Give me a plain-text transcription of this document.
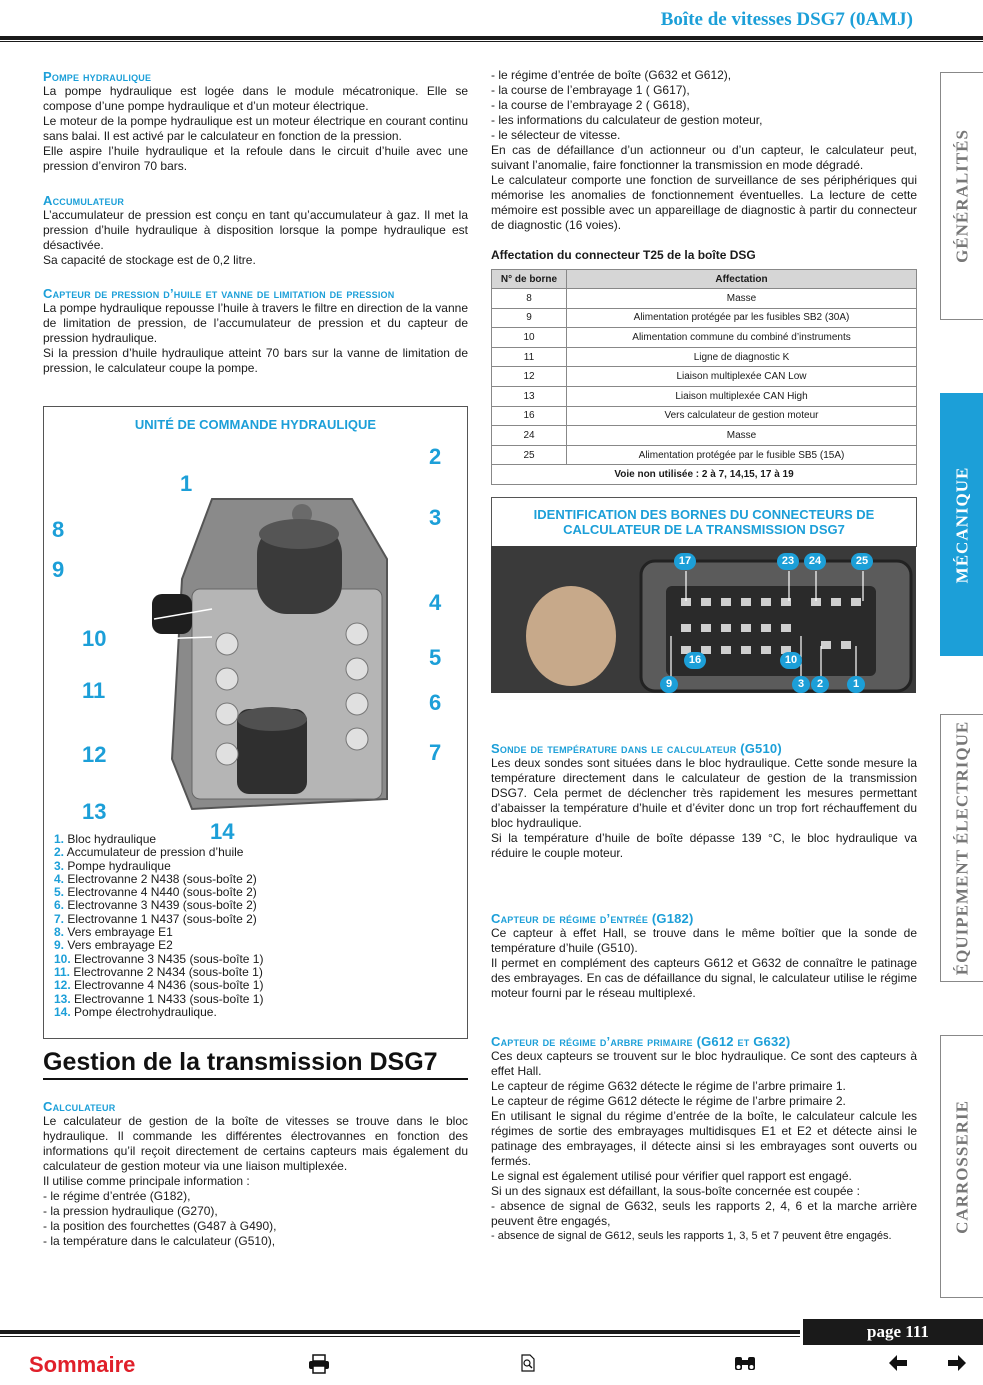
Boîte de vitesses DSG7 (0AMJ)
Pompe hydraulique
La pompe hydraulique est logée dans le module mécatronique. Elle se compose d’une pompe hydraulique et d’un moteur électrique.
Le moteur de la pompe hydraulique est un moteur électrique en courant continu sans balai. Il est activé par le calculateur en fonction de la pression.
Elle aspire l’huile hydraulique et la refoule dans le circuit d’huile avec une pression d’environ 70 bars.
Accumulateur
L’accumulateur de pression est conçu en tant qu’accumulateur à gaz. Il met la pression d’huile hydraulique à disposition lorsque la pompe hydraulique est désactivée.
Sa capacité de stockage est de 0,2 litre.
Capteur de pression d’huile et vanne de limitation de pression
La pompe hydraulique repousse l’huile à travers le filtre en direction de la vanne de limitation de pression, de l’accumulateur de pression et du capteur de pression hydraulique.
Si la pression d’huile hydraulique atteint 70 bars sur la vanne de limitation de pression, le calculateur coupe la pompe.
UNITÉ DE COMMANDE HYDRAULIQUE
1
2
3
4
5
6
7
8
9
10
11
12
13
14
1. Bloc hydraulique
2. Accumulateur de pression d’huile
3. Pompe hydraulique
4. Electrovanne 2 N438 (sous-boîte 2)
5. Electrovanne 4 N440 (sous-boîte 2)
6. Electrovanne 3 N439 (sous-boîte 2)
7. Electrovanne 1 N437 (sous-boîte 2)
8. Vers embrayage E1
9. Vers embrayage E2
10. Electrovanne 3 N435 (sous-boîte 1)
11. Electrovanne 2 N434 (sous-boîte 1)
12. Electrovanne 4 N436 (sous-boîte 1)
13. Electrovanne 1 N433 (sous-boîte 1)
14. Pompe électrohydraulique.
Gestion de la transmission DSG7
Calculateur
Le calculateur de gestion de la boîte de vitesses se trouve dans le bloc hydraulique. Il commande les différentes électrovannes en fonction des informations qu’il reçoit directement de certains capteurs mais également du calculateur de gestion moteur via une liaison multiplexée.
Il utilise comme principale information :
- le régime d’entrée (G182),
- la pression hydraulique (G270),
- la position des fourchettes (G487 à G490),
- la température dans le calculateur (G510),
- le régime d’entrée de boîte (G632 et G612),
- la course de l’embrayage 1 ( G617),
- la course de l’embrayage 2 ( G618),
- les informations du calculateur de gestion moteur,
- le sélecteur de vitesse.
En cas de défaillance d’un actionneur ou d’un capteur, le calculateur peut, suivant l’anomalie, faire fonctionner la transmission en mode dégradé.
Le calculateur comporte une fonction de surveillance de ses périphériques qui mémorise les anomalies de fonctionnement éventuelles. La lecture de cette mémoire est possible avec un appareillage de diagnostic à partir du connecteur de diagnostic (16 voies).
Affectation du connecteur T25 de la boîte DSG
N° de borne	Affectation
8	Masse
9	Alimentation protégée par les fusibles SB2 (30A)
10	Alimentation commune du combiné d’instruments
11	Ligne de diagnostic K
12	Liaison multiplexée CAN Low
13	Liaison multiplexée CAN High
16	Vers calculateur de gestion moteur
24	Masse
25	Alimentation protégée par le fusible SB5 (15A)
Voie non utilisée : 2 à 7, 14,15, 17 à 19	
IDENTIFICATION DES BORNES DU CONNECTEURS DE CALCULATEUR DE LA TRANSMISSION DSG7
17	23	24	25
16	10
9	3	2	1
Sonde de température dans le calculateur (G510)
Les deux sondes sont situées dans le bloc hydraulique. Cette sonde mesure la température directement dans le calculateur de gestion de la transmission DSG7. Cela permet de déclencher très rapidement les mesures permettant d’abaisser la température d’huile et d’éviter donc un trop fort réchauffement du bloc hydraulique.
Si la température d’huile de boîte dépasse 139 °C, le bloc hydraulique va réduire le couple moteur.
Capteur de régime d’entrée (G182)
Ce capteur à effet Hall, se trouve dans le même boîtier que la sonde de température d’huile (G510).
Il permet en complément des capteurs G612 et G632 de connaître le patinage des embrayages. En cas de défaillance du signal, le calculateur utilise le régime moteur fourni par le réseau multiplexé.
Capteur de régime d’arbre primaire (G612 et G632)
Ces deux capteurs se trouvent sur le bloc hydraulique. Ce sont des capteurs à effet Hall.
Le capteur de régime G632 détecte le régime de l’arbre primaire 1.
Le capteur de régime G612 détecte le régime de l’arbre primaire 2.
En utilisant le signal du régime d’entrée de la boîte, le calculateur calcule les régimes de sortie des embrayages multidisques E1 et E2 et détecte ainsi le patinage des embrayages, il détecte ainsi si les embrayages sont ouverts ou fermés.
Le signal est également utilisé pour vérifier quel rapport est engagé.
Si un des signaux est défaillant, la sous-boîte concernée est coupée :
- absence de signal de G632, seuls les rapports 2, 4, 6 et la marche arrière peuvent être engagés,
- absence de signal de G612, seuls les rapports 1, 3, 5 et 7 peuvent être engagés.
GÉNÉRALITÉS
MÉCANIQUE
ÉQUIPEMENT ÉLECTRIQUE
CARROSSERIE
page 111
Sommaire
